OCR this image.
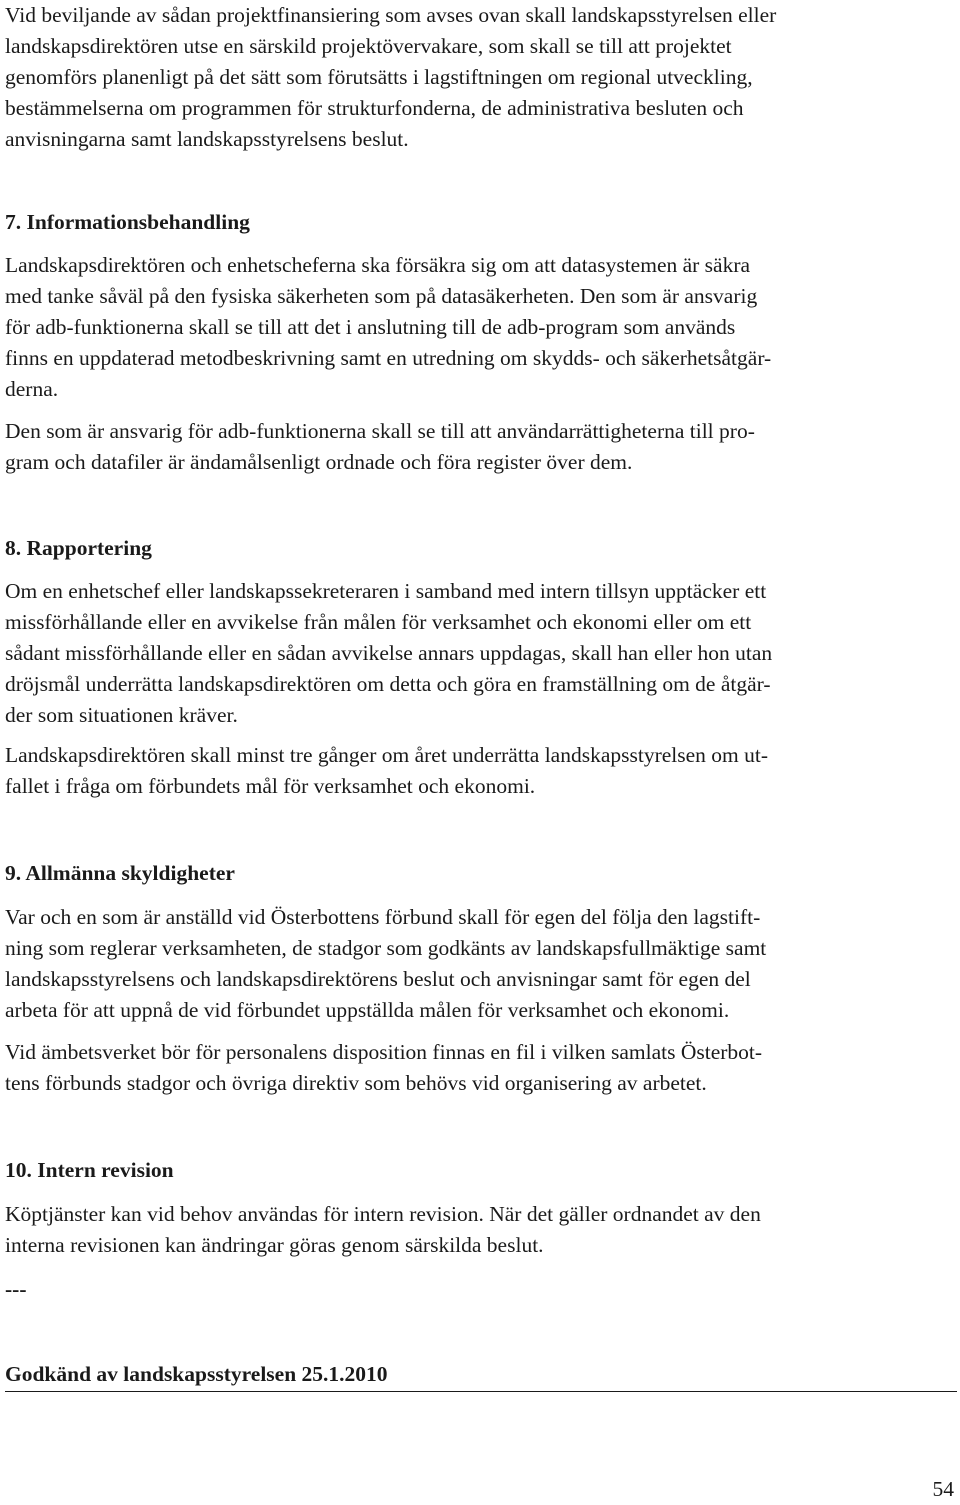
Vid beviljande av sådan projektfinansiering som avses ovan skall landskapsstyrelsen eller
landskapsdirektören utse en särskild projektövervakare, som skall se till att projektet
genomförs planenligt på det sätt som förutsätts i lagstiftningen om regional utveckling,
bestämmelserna om programmen för strukturfonderna, de administrativa besluten och
anvisningarna samt landskapsstyrelsens beslut.
7. Informationsbehandling
Landskapsdirektören och enhetscheferna ska försäkra sig om att datasystemen är säkra
med tanke såväl på den fysiska säkerheten som på datasäkerheten. Den som är ansvarig
för adb-funktionerna skall se till att det i anslutning till de adb-program som används
finns en uppdaterad metodbeskrivning samt en utredning om skydds- och säkerhetsåtgär-
derna.
Den som är ansvarig för adb-funktionerna skall se till att användarrättigheterna till pro-
gram och datafiler är ändamålsenligt ordnade och föra register över dem.
8. Rapportering
Om en enhetschef eller landskapssekreteraren i samband med intern tillsyn upptäcker ett
missförhållande eller en avvikelse från målen för verksamhet och ekonomi eller om ett
sådant missförhållande eller en sådan avvikelse annars uppdagas, skall han eller hon utan
dröjsmål underrätta landskapsdirektören om detta och göra en framställning om de åtgär-
der som situationen kräver.
Landskapsdirektören skall minst tre gånger om året underrätta landskapsstyrelsen om ut-
fallet i fråga om förbundets mål för verksamhet och ekonomi.
9. Allmänna skyldigheter
Var och en som är anställd vid Österbottens förbund skall för egen del följa den lagstift-
ning som reglerar verksamheten, de stadgor som godkänts av landskapsfullmäktige samt
landskapsstyrelsens och landskapsdirektörens beslut och anvisningar samt för egen del
arbeta för att uppnå de vid förbundet uppställda målen för verksamhet och ekonomi.
Vid ämbetsverket bör för personalens disposition finnas en fil i vilken samlats Österbot-
tens förbunds stadgor och övriga direktiv som behövs vid organisering av arbetet.
10. Intern revision
Köptjänster kan vid behov användas för intern revision. När det gäller ordnandet av den
interna revisionen kan ändringar göras genom särskilda beslut.
---
Godkänd av landskapsstyrelsen 25.1.2010
54
